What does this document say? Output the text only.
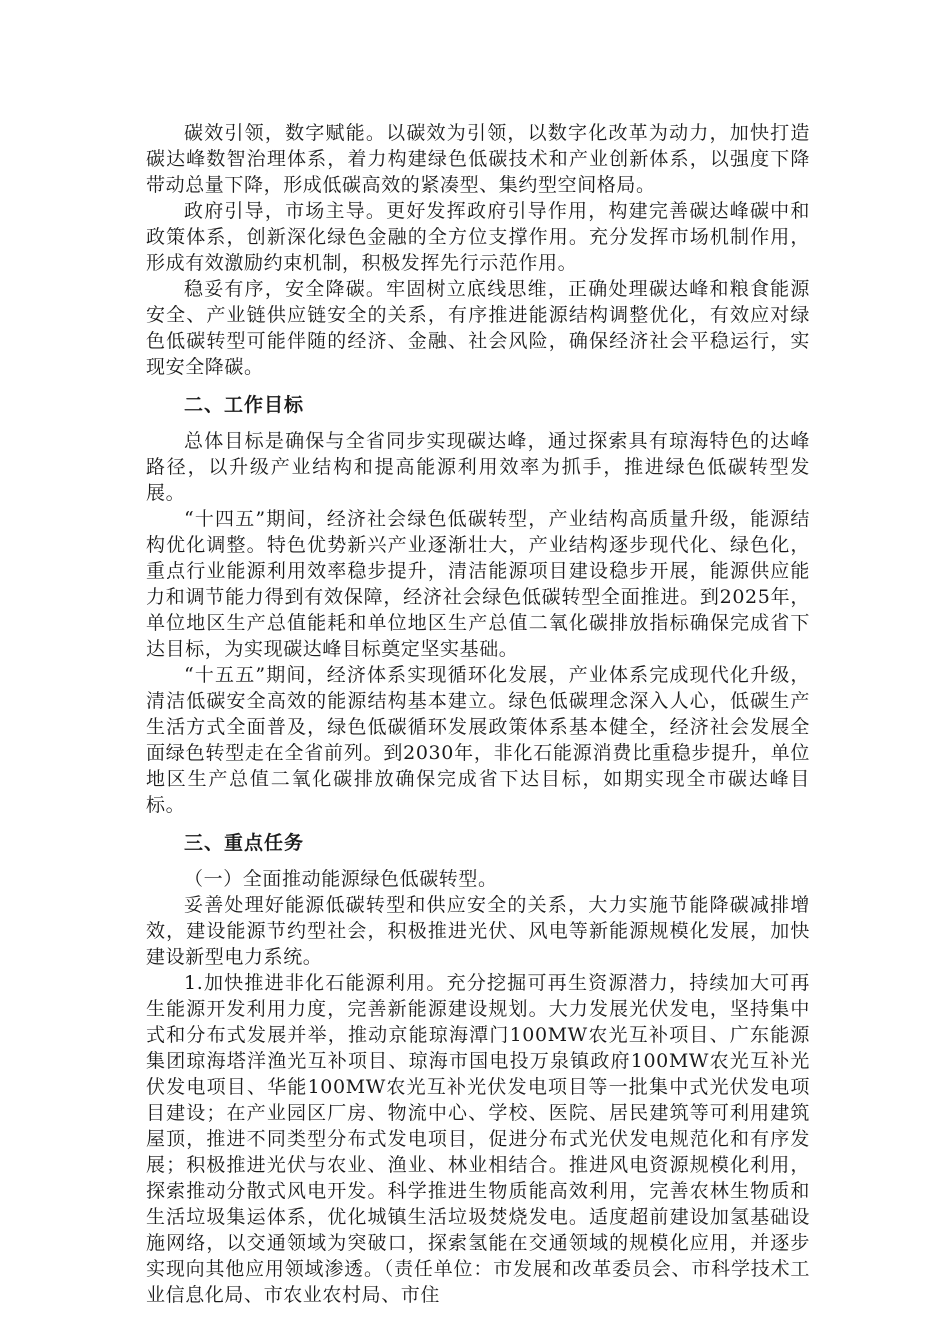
碳效引领，数字赋能。以碳效为引领，以数字化改革为动力，加快打造碳达峰数智治理体系，着力构建绿色低碳技术和产业创新体系，以强度下降带动总量下降，形成低碳高效的紧凑型、集约型空间格局。

政府引导，市场主导。更好发挥政府引导作用，构建完善碳达峰碳中和政策体系，创新深化绿色金融的全方位支撑作用。充分发挥市场机制作用，形成有效激励约束机制，积极发挥先行示范作用。

稳妥有序，安全降碳。牢固树立底线思维，正确处理碳达峰和粮食能源安全、产业链供应链安全的关系，有序推进能源结构调整优化，有效应对绿色低碳转型可能伴随的经济、金融、社会风险，确保经济社会平稳运行，实现安全降碳。

二、工作目标

总体目标是确保与全省同步实现碳达峰，通过探索具有琼海特色的达峰路径，以升级产业结构和提高能源利用效率为抓手，推进绿色低碳转型发展。

“十四五”期间，经济社会绿色低碳转型，产业结构高质量升级，能源结构优化调整。特色优势新兴产业逐渐壮大，产业结构逐步现代化、绿色化，重点行业能源利用效率稳步提升，清洁能源项目建设稳步开展，能源供应能力和调节能力得到有效保障，经济社会绿色低碳转型全面推进。到2025年，单位地区生产总值能耗和单位地区生产总值二氧化碳排放指标确保完成省下达目标，为实现碳达峰目标奠定坚实基础。

“十五五”期间，经济体系实现循环化发展，产业体系完成现代化升级，清洁低碳安全高效的能源结构基本建立。绿色低碳理念深入人心，低碳生产生活方式全面普及，绿色低碳循环发展政策体系基本健全，经济社会发展全面绿色转型走在全省前列。到2030年，非化石能源消费比重稳步提升，单位地区生产总值二氧化碳排放确保完成省下达目标，如期实现全市碳达峰目标。

三、重点任务

（一）全面推动能源绿色低碳转型。

妥善处理好能源低碳转型和供应安全的关系，大力实施节能降碳减排增效，建设能源节约型社会，积极推进光伏、风电等新能源规模化发展，加快建设新型电力系统。

1.加快推进非化石能源利用。充分挖掘可再生资源潜力，持续加大可再生能源开发利用力度，完善新能源建设规划。大力发展光伏发电，坚持集中式和分布式发展并举，推动京能琼海潭门100MW农光互补项目、广东能源集团琼海塔洋渔光互补项目、琼海市国电投万泉镇政府100MW农光互补光伏发电项目、华能100MW农光互补光伏发电项目等一批集中式光伏发电项目建设；在产业园区厂房、物流中心、学校、医院、居民建筑等可利用建筑屋顶，推进不同类型分布式发电项目，促进分布式光伏发电规范化和有序发展；积极推进光伏与农业、渔业、林业相结合。推进风电资源规模化利用，探索推动分散式风电开发。科学推进生物质能高效利用，完善农林生物质和生活垃圾集运体系，优化城镇生活垃圾焚烧发电。适度超前建设加氢基础设施网络，以交通领域为突破口，探索氢能在交通领域的规模化应用，并逐步实现向其他应用领域渗透。（责任单位：市发展和改革委员会、市科学技术工业信息化局、市农业农村局、市住
